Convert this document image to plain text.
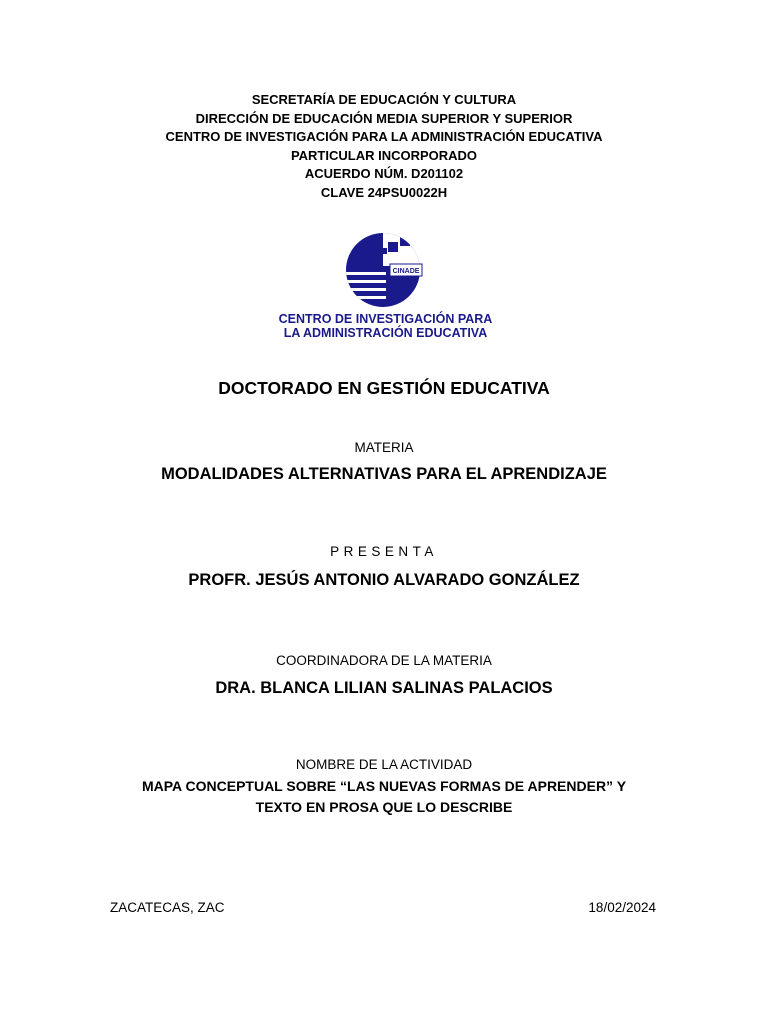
SECRETARÍA DE EDUCACIÓN Y CULTURA
DIRECCIÓN DE EDUCACIÓN MEDIA SUPERIOR Y SUPERIOR
CENTRO DE INVESTIGACIÓN PARA LA ADMINISTRACIÓN EDUCATIVA
PARTICULAR INCORPORADO
ACUERDO NÚM. D201102
CLAVE 24PSU0022H
CINADE
CENTRO DE INVESTIGACIÓN PARA
LA ADMINISTRACIÓN EDUCATIVA
DOCTORADO EN GESTIÓN EDUCATIVA
MATERIA
MODALIDADES ALTERNATIVAS PARA EL APRENDIZAJE
PRESENTA
PROFR. JESÚS ANTONIO ALVARADO GONZÁLEZ
COORDINADORA DE LA MATERIA
DRA. BLANCA LILIAN SALINAS PALACIOS
NOMBRE DE LA ACTIVIDAD
MAPA CONCEPTUAL SOBRE “LAS NUEVAS FORMAS DE APRENDER” Y
TEXTO EN PROSA QUE LO DESCRIBE
ZACATECAS, ZAC	18/02/2024
